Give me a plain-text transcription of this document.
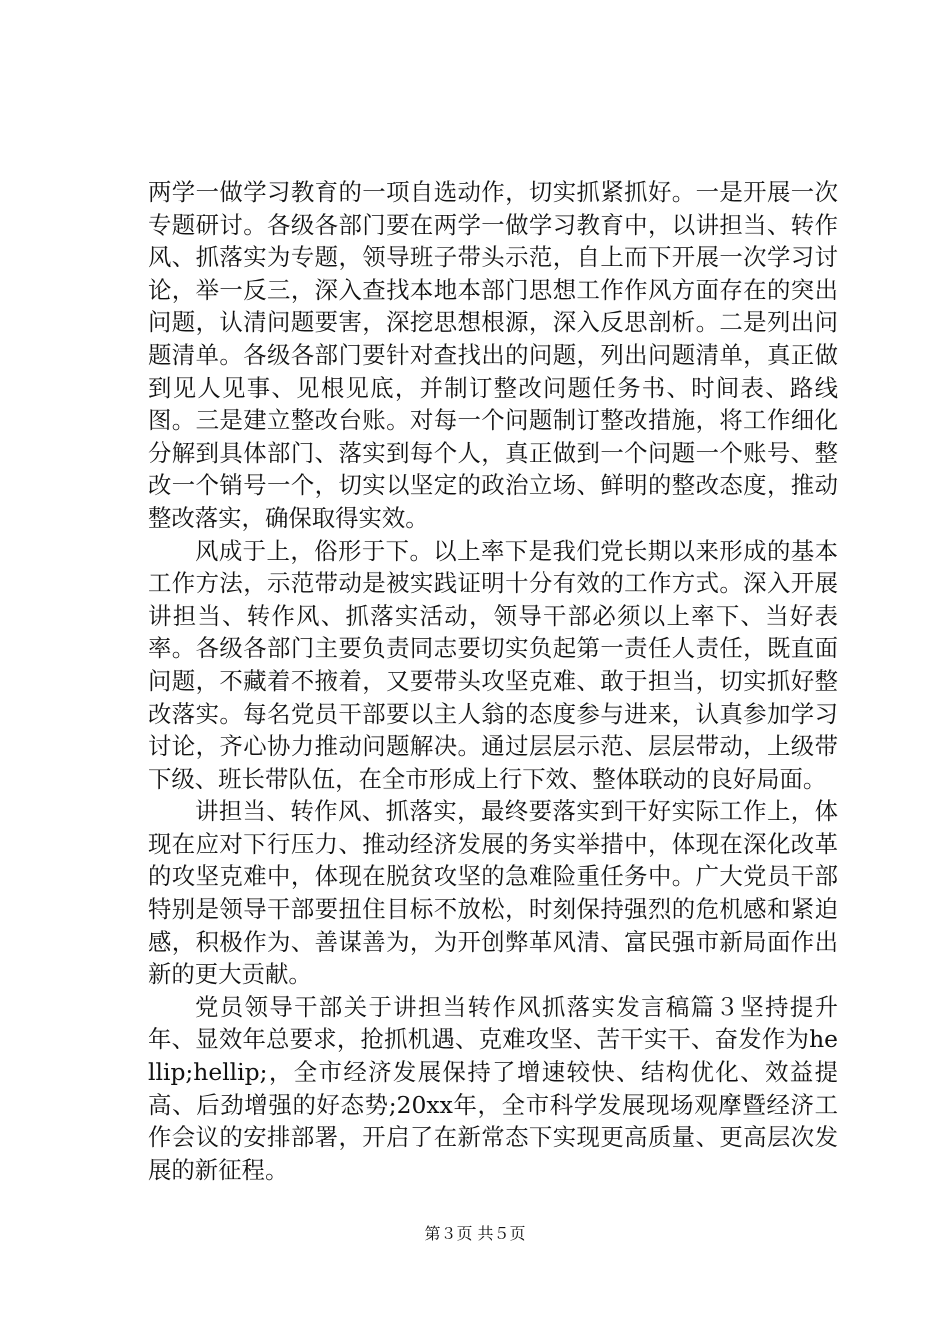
两学一做学习教育的一项自选动作，切实抓紧抓好。一是开展一次专题研讨。各级各部门要在两学一做学习教育中，以讲担当、转作风、抓落实为专题，领导班子带头示范，自上而下开展一次学习讨论，举一反三，深入查找本地本部门思想工作作风方面存在的突出问题，认清问题要害，深挖思想根源，深入反思剖析。二是列出问题清单。各级各部门要针对查找出的问题，列出问题清单，真正做到见人见事、见根见底，并制订整改问题任务书、时间表、路线图。三是建立整改台账。对每一个问题制订整改措施，将工作细化分解到具体部门、落实到每个人，真正做到一个问题一个账号、整改一个销号一个，切实以坚定的政治立场、鲜明的整改态度，推动整改落实，确保取得实效。

风成于上，俗形于下。以上率下是我们党长期以来形成的基本工作方法，示范带动是被实践证明十分有效的工作方式。深入开展讲担当、转作风、抓落实活动，领导干部必须以上率下、当好表率。各级各部门主要负责同志要切实负起第一责任人责任，既直面问题，不藏着不掖着，又要带头攻坚克难、敢于担当，切实抓好整改落实。每名党员干部要以主人翁的态度参与进来，认真参加学习讨论，齐心协力推动问题解决。通过层层示范、层层带动，上级带下级、班长带队伍，在全市形成上行下效、整体联动的良好局面。

讲担当、转作风、抓落实，最终要落实到干好实际工作上，体现在应对下行压力、推动经济发展的务实举措中，体现在深化改革的攻坚克难中，体现在脱贫攻坚的急难险重任务中。广大党员干部特别是领导干部要扭住目标不放松，时刻保持强烈的危机感和紧迫感，积极作为、善谋善为，为开创弊革风清、富民强市新局面作出新的更大贡献。

党员领导干部关于讲担当转作风抓落实发言稿篇３坚持提升年、显效年总要求，抢抓机遇、克难攻坚、苦干实干、奋发作为hellip;hellip;，全市经济发展保持了增速较快、结构优化、效益提高、后劲增强的好态势;20xx年，全市科学发展现场观摩暨经济工作会议的安排部署，开启了在新常态下实现更高质量、更高层次发展的新征程。

第３页 共５页
